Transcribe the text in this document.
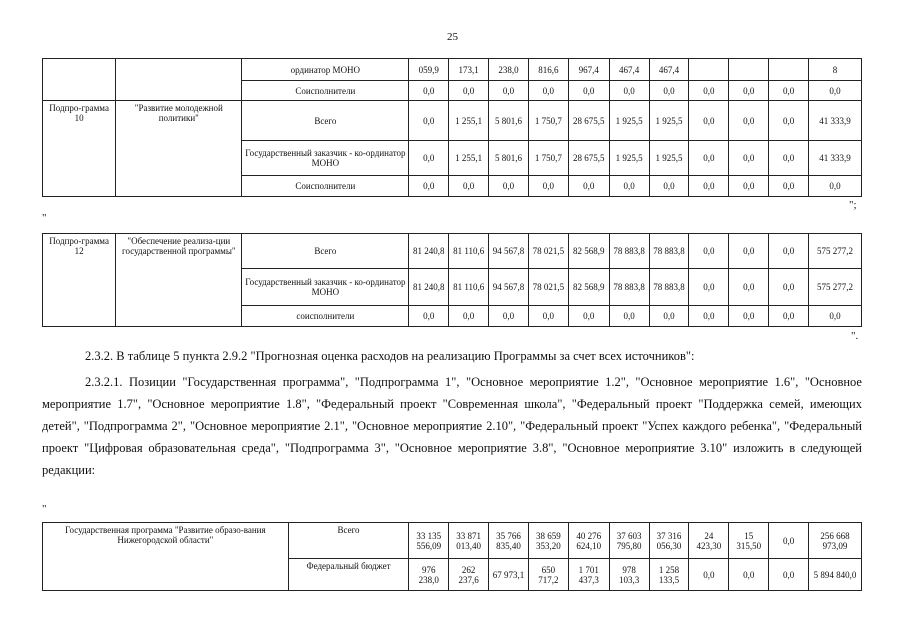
25
		ординатор МОНО	059,9	173,1	238,0	816,6	967,4	467,4	467,4				8
		Соисполнители	0,0	0,0	0,0	0,0	0,0	0,0	0,0	0,0	0,0	0,0	0,0
Подпро-грамма 10	"Развитие молодежной политики"	Всего	0,0	1 255,1	5 801,6	1 750,7	28 675,5	1 925,5	1 925,5	0,0	0,0	0,0	41 333,9
		Государственный заказчик - ко-ординатор МОНО	0,0	1 255,1	5 801,6	1 750,7	28 675,5	1 925,5	1 925,5	0,0	0,0	0,0	41 333,9
		Соисполнители	0,0	0,0	0,0	0,0	0,0	0,0	0,0	0,0	0,0	0,0	0,0
";
"
Подпро-грамма 12	"Обеспечение реализа-ции государственной программы"	Всего	81 240,8	81 110,6	94 567,8	78 021,5	82 568,9	78 883,8	78 883,8	0,0	0,0	0,0	575 277,2
		Государственный заказчик - ко-ординатор МОНО	81 240,8	81 110,6	94 567,8	78 021,5	82 568,9	78 883,8	78 883,8	0,0	0,0	0,0	575 277,2
		соисполнители	0,0	0,0	0,0	0,0	0,0	0,0	0,0	0,0	0,0	0,0	0,0
".
2.3.2. В таблице 5 пункта 2.9.2 "Прогнозная оценка расходов на реализацию Программы за счет всех источников":
2.3.2.1. Позиции "Государственная программа", "Подпрограмма 1", "Основное мероприятие 1.2", "Основное мероприятие 1.6", "Основное мероприятие 1.7", "Основное мероприятие 1.8", "Федеральный проект "Современная школа", "Федеральный проект "Поддержка семей, имеющих детей", "Подпрограмма 2", "Основное мероприятие 2.1", "Основное мероприятие 2.10", "Федеральный проект "Успех каждого ребенка", "Федеральный проект "Цифровая образовательная среда", "Подпрограмма 3", "Основное мероприятие 3.8", "Основное мероприятие 3.10" изложить в следующей редакции:
"
Государственная программа "Развитие образо-вания Нижегородской области"	Всего	33 135 556,09	33 871 013,40	35 766 835,40	38 659 353,20	40 276 624,10	37 603 795,80	37 316 056,30	24 423,30	15 315,50	0,0	256 668 973,09
	Федеральный бюджет	976 238,0	262 237,6	67 973,1	650 717,2	1 701 437,3	978 103,3	1 258 133,5	0,0	0,0	0,0	5 894 840,0
